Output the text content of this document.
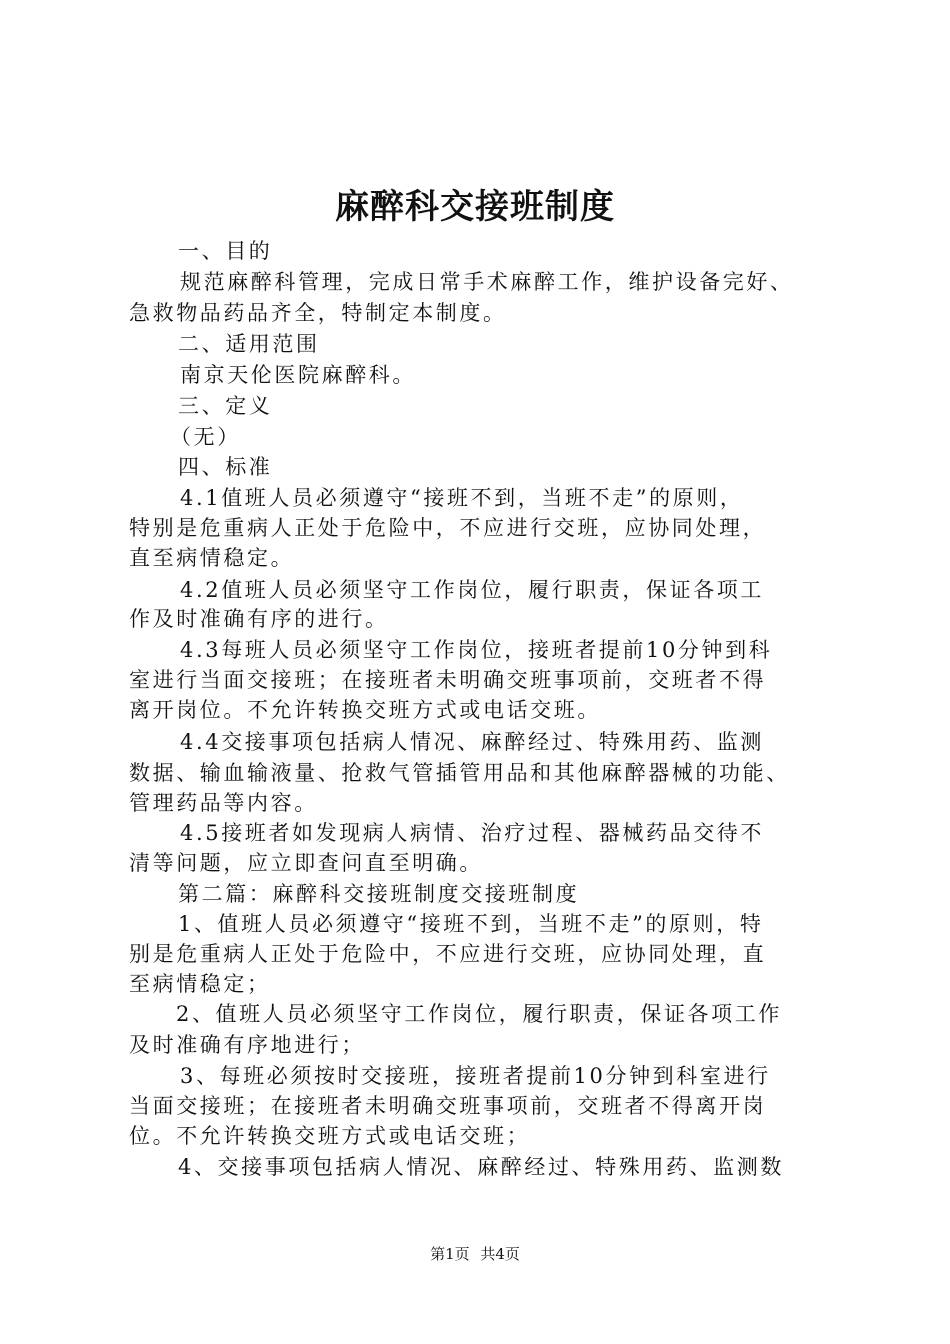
麻醉科交接班制度
一、目的
规范麻醉科管理，完成日常手术麻醉工作，维护设备完好、
急救物品药品齐全，特制定本制度。
二、适用范围
南京天伦医院麻醉科。
三、定义
（无）
四、标准
4.1值班人员必须遵守“接班不到，当班不走”的原则，
特别是危重病人正处于危险中，不应进行交班，应协同处理，
直至病情稳定。
4.2值班人员必须坚守工作岗位，履行职责，保证各项工
作及时准确有序的进行。
4.3每班人员必须坚守工作岗位，接班者提前10分钟到科
室进行当面交接班；在接班者未明确交班事项前，交班者不得
离开岗位。不允许转换交班方式或电话交班。
4.4交接事项包括病人情况、麻醉经过、特殊用药、监测
数据、输血输液量、抢救气管插管用品和其他麻醉器械的功能、
管理药品等内容。
4.5接班者如发现病人病情、治疗过程、器械药品交待不
清等问题，应立即查问直至明确。
第二篇：麻醉科交接班制度交接班制度
1、值班人员必须遵守“接班不到，当班不走”的原则，特
别是危重病人正处于危险中，不应进行交班，应协同处理，直
至病情稳定；
2、值班人员必须坚守工作岗位，履行职责，保证各项工作
及时准确有序地进行；
3、每班必须按时交接班，接班者提前10分钟到科室进行
当面交接班；在接班者未明确交班事项前，交班者不得离开岗
位。不允许转换交班方式或电话交班；
4、交接事项包括病人情况、麻醉经过、特殊用药、监测数
第1页 共4页
